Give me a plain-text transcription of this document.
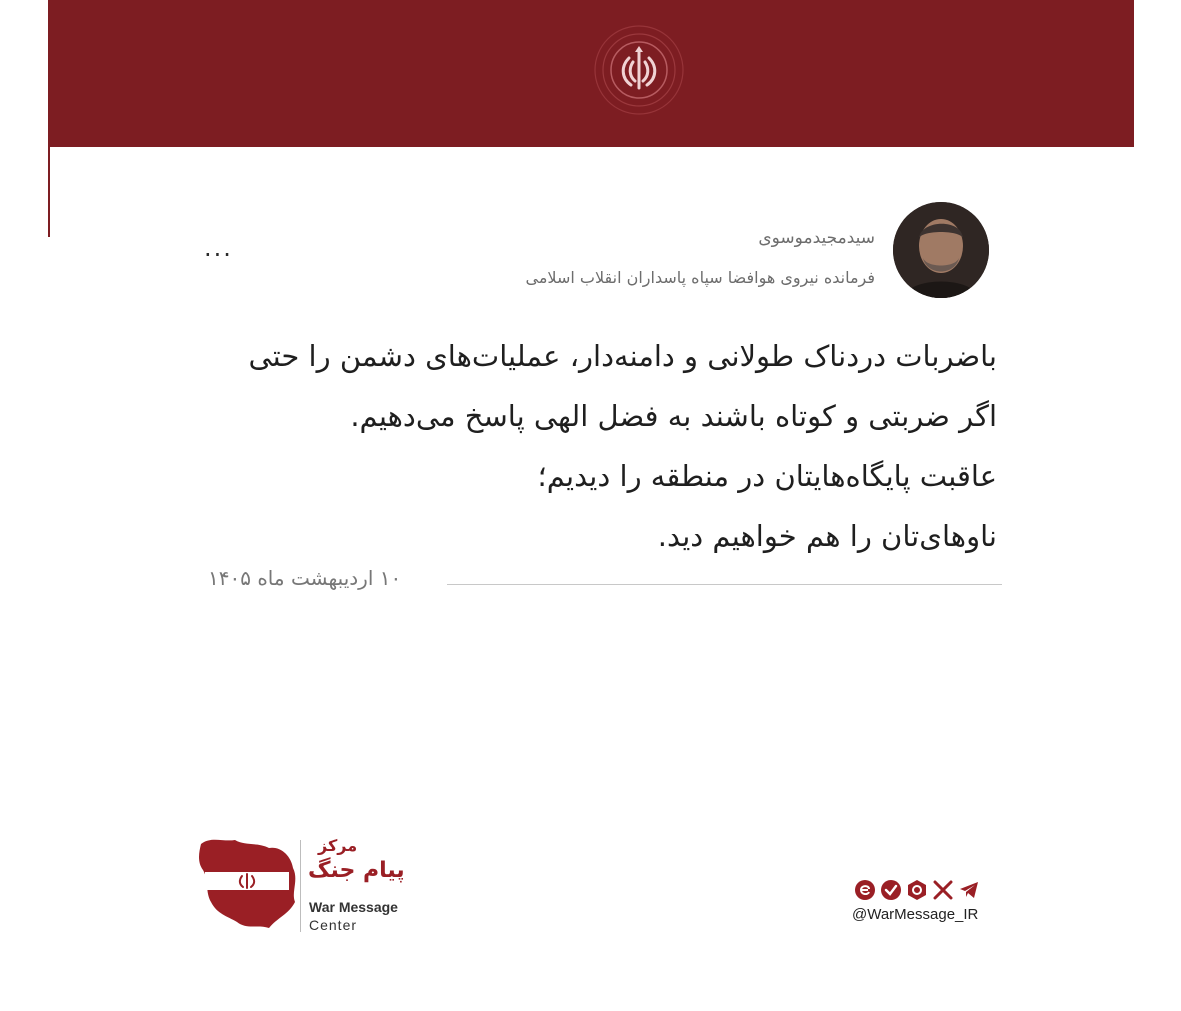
سیدمجیدموسوی
فرمانده نیروی هوافضا سپاه پاسداران انقلاب اسلامی
...
باضربات دردناک طولانی و دامنه‌دار، عملیات‌های دشمن را حتی
اگر ضربتی و کوتاه باشند به فضل الهی پاسخ می‌دهیم.
عاقبت پایگاه‌هایتان در منطقه را دیدیم؛
ناوهای‌تان را هم خواهیم دید.
۱۰ اردیبهشت ماه ۱۴۰۵
مرکز
پیام جنگ
War Message
Center
@WarMessage_IR
